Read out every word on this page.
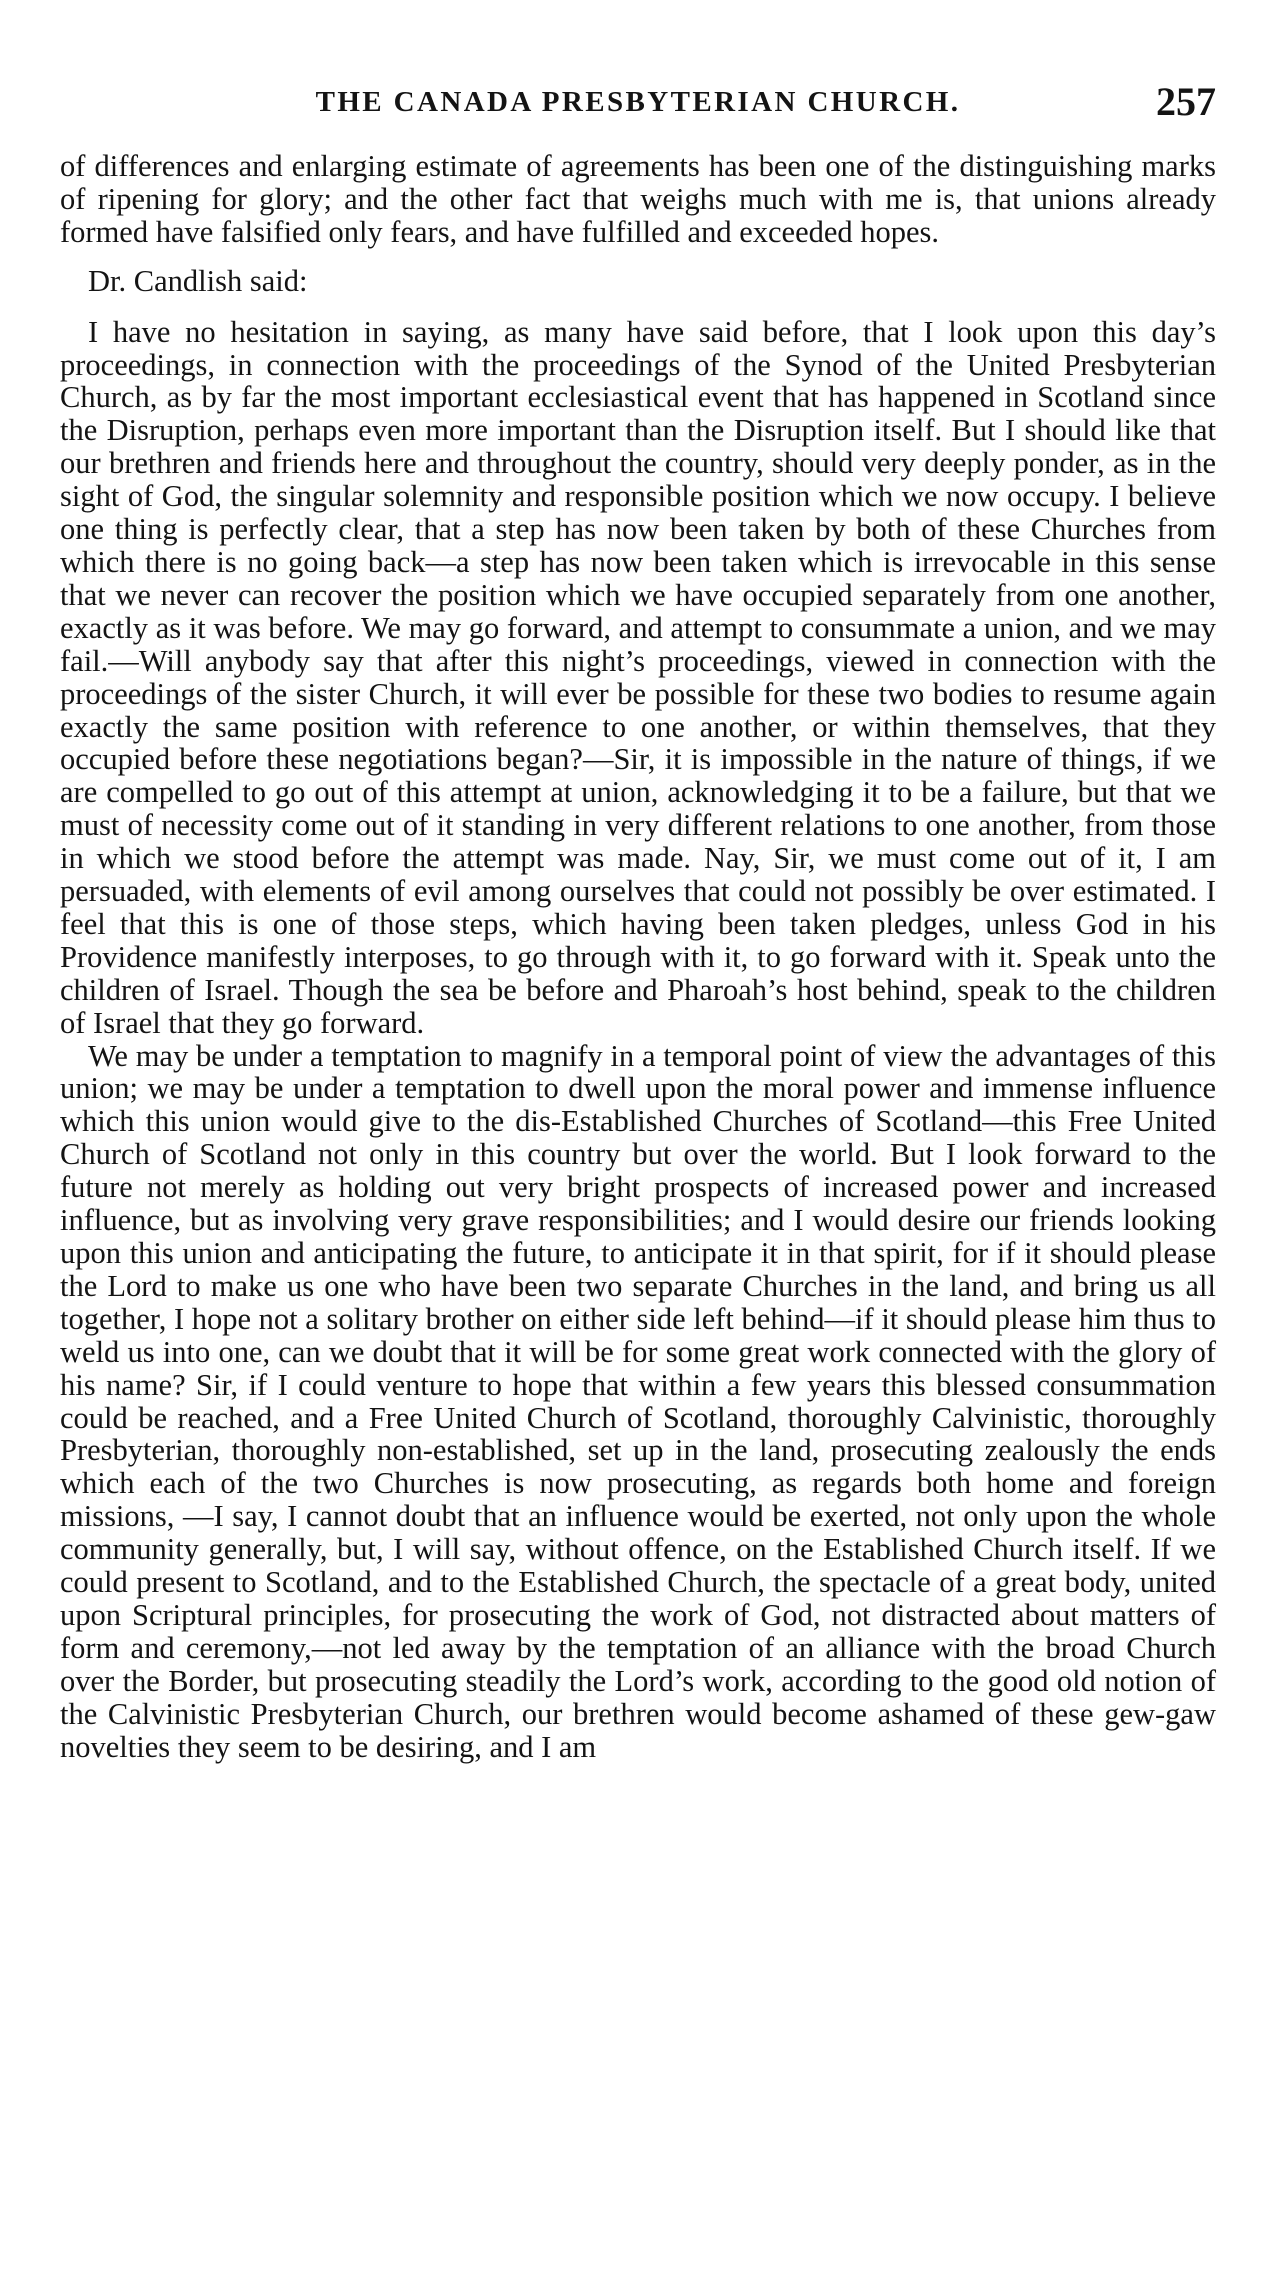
THE CANADA PRESBYTERIAN CHURCH.	257

of differences and enlarging estimate of agreements has been one of the distinguishing marks of ripening for glory; and the other fact that weighs much with me is, that unions already formed have falsified only fears, and have fulfilled and exceeded hopes.

Dr. Candlish said:

I have no hesitation in saying, as many have said before, that I look upon this day’s proceedings, in connection with the proceedings of the Synod of the United Presbyterian Church, as by far the most important ecclesiastical event that has happened in Scotland since the Disruption, perhaps even more important than the Disruption itself. But I should like that our brethren and friends here and throughout the country, should very deeply ponder, as in the sight of God, the singular solemnity and responsible position which we now occupy. I believe one thing is perfectly clear, that a step has now been taken by both of these Churches from which there is no going back—a step has now been taken which is irrevocable in this sense that we never can recover the position which we have occupied separately from one another, exactly as it was before. We may go forward, and attempt to consummate a union, and we may fail.—Will anybody say that after this night’s proceedings, viewed in connection with the proceedings of the sister Church, it will ever be possible for these two bodies to resume again exactly the same position with reference to one another, or within themselves, that they occupied before these negotiations began?—Sir, it is impossible in the nature of things, if we are compelled to go out of this attempt at union, acknowledging it to be a failure, but that we must of necessity come out of it standing in very different relations to one another, from those in which we stood before the attempt was made. Nay, Sir, we must come out of it, I am persuaded, with elements of evil among ourselves that could not possibly be over estimated. I feel that this is one of those steps, which having been taken pledges, unless God in his Providence manifestly interposes, to go through with it, to go forward with it. Speak unto the children of Israel. Though the sea be before and Pharoah’s host behind, speak to the children of Israel that they go forward.

We may be under a temptation to magnify in a temporal point of view the advantages of this union; we may be under a temptation to dwell upon the moral power and immense influence which this union would give to the dis-Established Churches of Scotland—this Free United Church of Scotland not only in this country but over the world. But I look forward to the future not merely as holding out very bright prospects of increased power and increased influence, but as involving very grave responsibilities; and I would desire our friends looking upon this union and anticipating the future, to anticipate it in that spirit, for if it should please the Lord to make us one who have been two separate Churches in the land, and bring us all together, I hope not a solitary brother on either side left behind—if it should please him thus to weld us into one, can we doubt that it will be for some great work connected with the glory of his name? Sir, if I could venture to hope that within a few years this blessed consummation could be reached, and a Free United Church of Scotland, thoroughly Calvinistic, thoroughly Presbyterian, thoroughly non-established, set up in the land, prosecuting zealously the ends which each of the two Churches is now prosecuting, as regards both home and foreign missions, —I say, I cannot doubt that an influence would be exerted, not only upon the whole community generally, but, I will say, without offence, on the Established Church itself. If we could present to Scotland, and to the Established Church, the spectacle of a great body, united upon Scriptural principles, for prosecuting the work of God, not distracted about matters of form and ceremony,—not led away by the temptation of an alliance with the broad Church over the Border, but prosecuting steadily the Lord’s work, according to the good old notion of the Calvinistic Presbyterian Church, our brethren would become ashamed of these gew-gaw novelties they seem to be desiring, and I am
